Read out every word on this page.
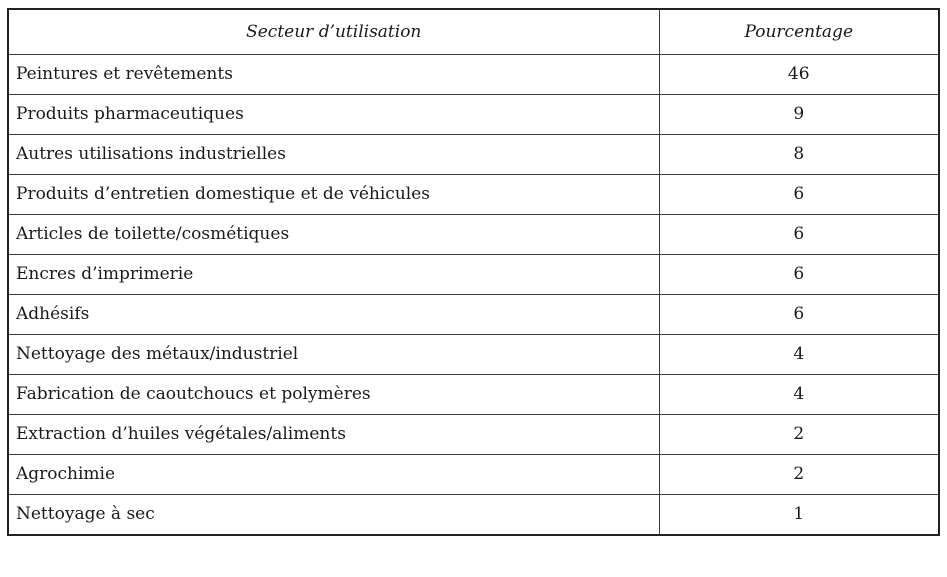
Secteur d’utilisation	Pourcentage
Peintures et revêtements	46
Produits pharmaceutiques	9
Autres utilisations industrielles	8
Produits d’entretien domestique et de véhicules	6
Articles de toilette/cosmétiques	6
Encres d’imprimerie	6
Adhésifs	6
Nettoyage des métaux/industriel	4
Fabrication de caoutchoucs et polymères	4
Extraction d’huiles végétales/aliments	2
Agrochimie	2
Nettoyage à sec	1
